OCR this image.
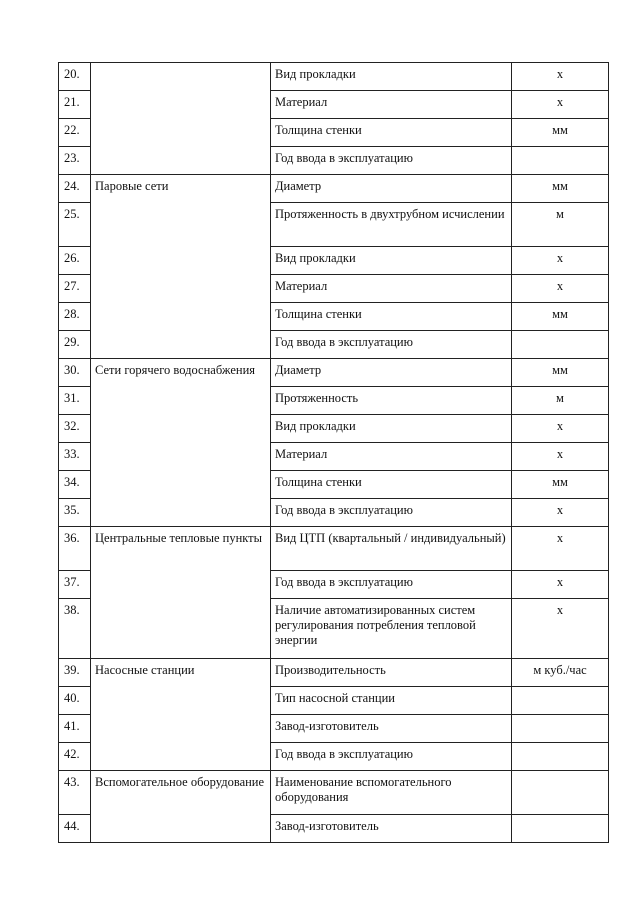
20.		Вид прокладки	х
21.		Материал	х
22.		Толщина стенки	мм
23.		Год ввода в эксплуатацию	
24.	Паровые сети	Диаметр	мм
25.		Протяженность в двухтрубном исчислении	м
26.		Вид прокладки	х
27.		Материал	х
28.		Толщина стенки	мм
29.		Год ввода в эксплуатацию	
30.	Сети горячего водоснабжения	Диаметр	мм
31.		Протяженность	м
32.		Вид прокладки	х
33.		Материал	х
34.		Толщина стенки	мм
35.		Год ввода в эксплуатацию	х
36.	Центральные тепловые пункты	Вид ЦТП (квартальный / индивидуальный)	х
37.		Год ввода в эксплуатацию	х
38.		Наличие автоматизированных систем регулирования потребления тепловой энергии	х
39.	Насосные станции	Производительность	м куб./час
40.		Тип насосной станции	
41.		Завод-изготовитель	
42.		Год ввода в эксплуатацию	
43.	Вспомогательное оборудование	Наименование вспомогательного оборудования	
44.		Завод-изготовитель	
